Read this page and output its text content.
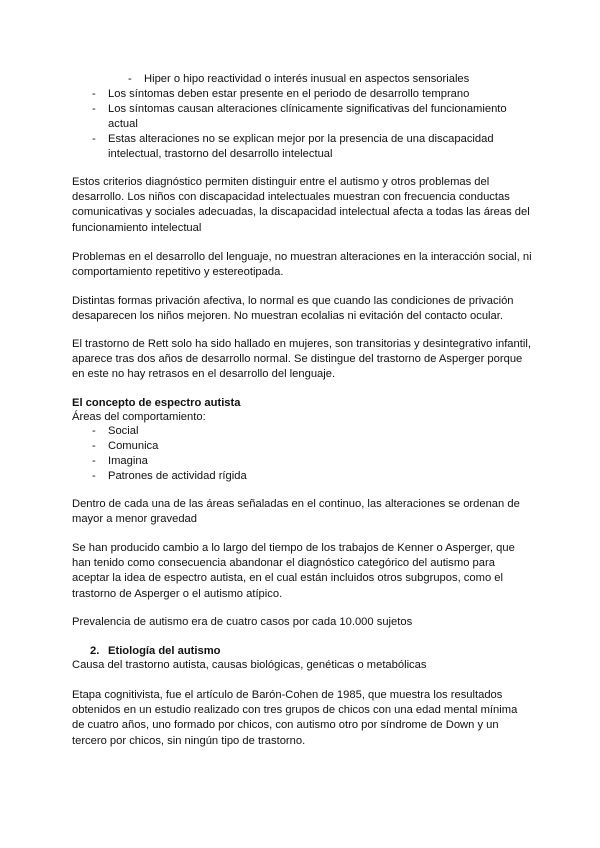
- Hiper o hipo reactividad o interés inusual en aspectos sensoriales
- Los síntomas deben estar presente en el periodo de desarrollo temprano
- Los síntomas causan alteraciones clínicamente significativas del funcionamiento actual
- Estas alteraciones no se explican mejor por la presencia de una discapacidad intelectual, trastorno del desarrollo intelectual

Estos criterios diagnóstico permiten distinguir entre el autismo y otros problemas del desarrollo. Los niños con discapacidad intelectuales muestran con frecuencia conductas comunicativas y sociales adecuadas, la discapacidad intelectual afecta a todas las áreas del funcionamiento intelectual

Problemas en el desarrollo del lenguaje, no muestran alteraciones en la interacción social, ni comportamiento repetitivo y estereotipada.

Distintas formas privación afectiva, lo normal es que cuando las condiciones de privación desaparecen los niños mejoren. No muestran ecolalias ni evitación del contacto ocular.

El trastorno de Rett solo ha sido hallado en mujeres, son transitorias y desintegrativo infantil, aparece tras dos años de desarrollo normal. Se distingue del trastorno de Asperger porque en este no hay retrasos en el desarrollo del lenguaje.

El concepto de espectro autista
Áreas del comportamiento:
- Social
- Comunica
- Imagina
- Patrones de actividad rígida

Dentro de cada una de las áreas señaladas en el continuo, las alteraciones se ordenan de mayor a menor gravedad

Se han producido cambio a lo largo del tiempo de los trabajos de Kenner o Asperger, que han tenido como consecuencia abandonar el diagnóstico categórico del autismo para aceptar la idea de espectro autista, en el cual están incluidos otros subgrupos, como el trastorno de Asperger o el autismo atípico.

Prevalencia de autismo era de cuatro casos por cada 10.000 sujetos

2. Etiología del autismo
Causa del trastorno autista, causas biológicas, genéticas o metabólicas

Etapa cognitivista, fue el artículo de Barón-Cohen de 1985, que muestra los resultados obtenidos en un estudio realizado con tres grupos de chicos con una edad mental mínima de cuatro años, uno formado por chicos, con autismo otro por síndrome de Down y un tercero por chicos, sin ningún tipo de trastorno.
